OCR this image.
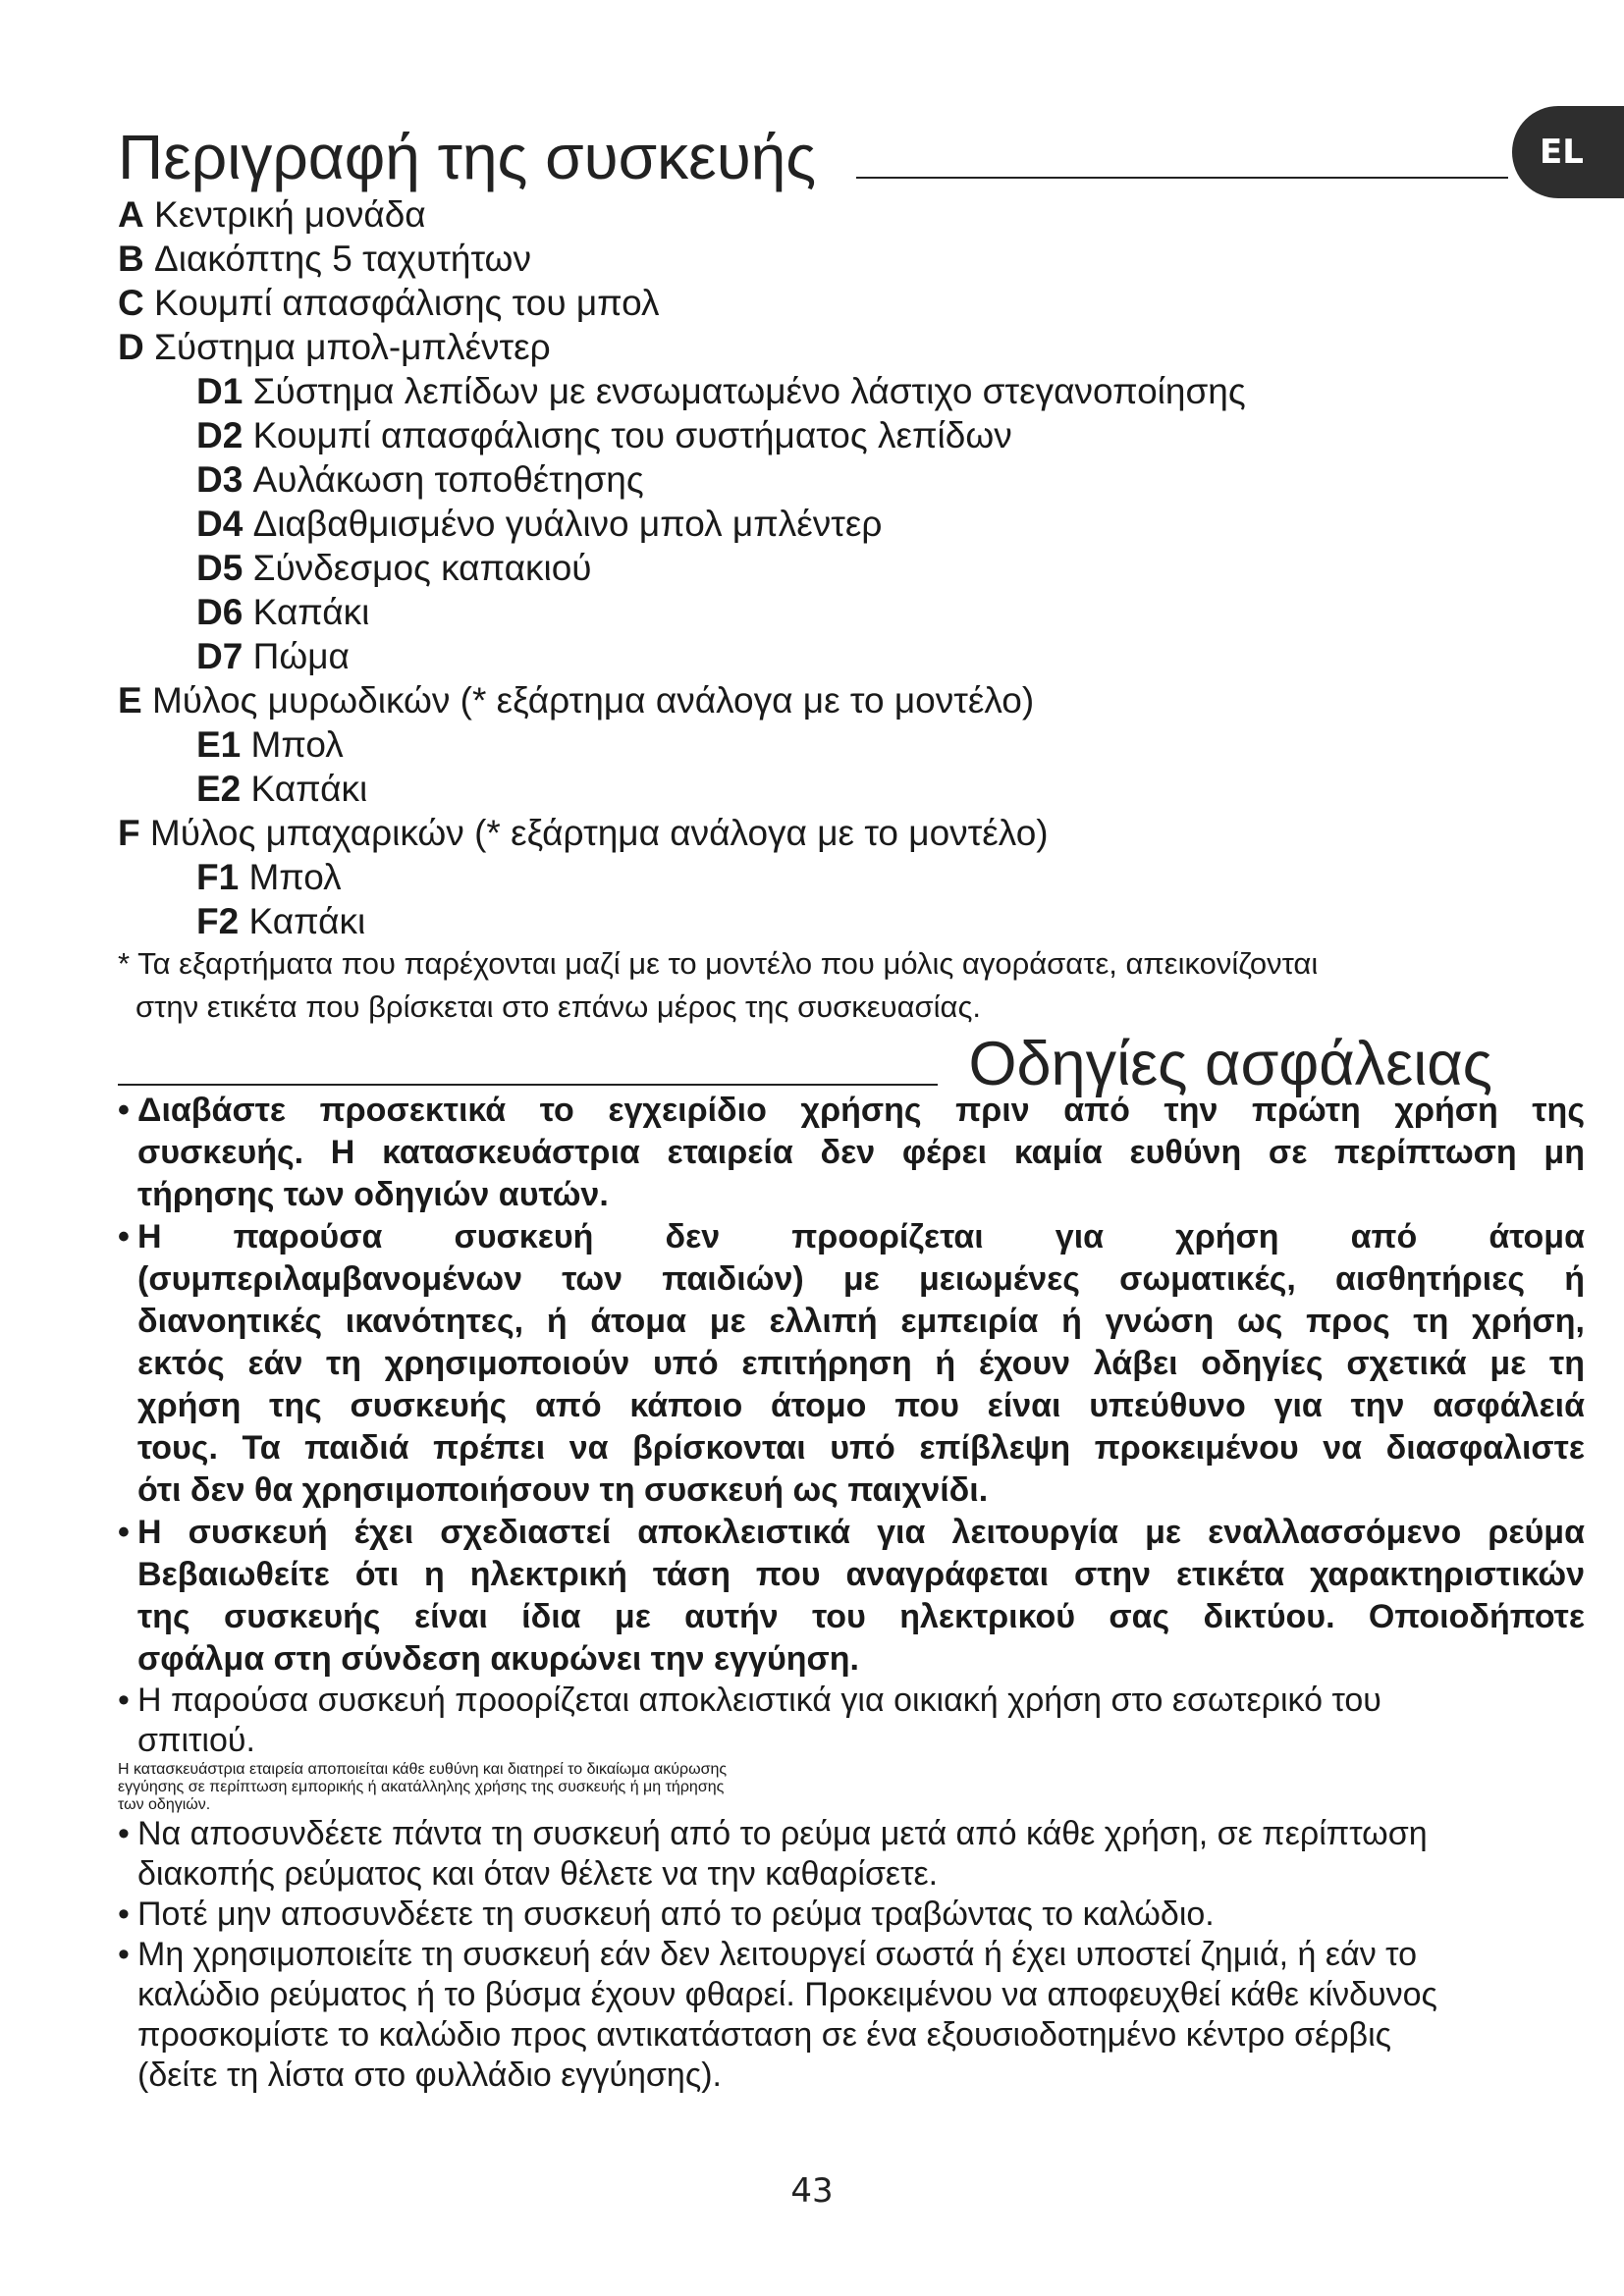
EL
Περιγραφή της συσκευής
A Κεντρική μονάδα
B Διακόπτης 5 ταχυτήτων
C Κουμπί απασφάλισης του μπολ
D Σύστημα μπολ-μπλέντερ
D1 Σύστημα λεπίδων με ενσωματωμένο λάστιχο στεγανοποίησης
D2 Κουμπί απασφάλισης του συστήματος λεπίδων
D3 Αυλάκωση τοποθέτησης
D4 Διαβαθμισμένο γυάλινο μπολ μπλέντερ
D5 Σύνδεσμος καπακιού
D6 Καπάκι
D7 Πώμα
E Μύλος μυρωδικών (* εξάρτημα ανάλογα με το μοντέλο)
E1 Μπολ
E2 Καπάκι
F Μύλος μπαχαρικών (* εξάρτημα ανάλογα με το μοντέλο)
F1 Μπολ
F2 Καπάκι

* Τα εξαρτήματα που παρέχονται μαζί με το μοντέλο που μόλις αγοράσατε, απεικονίζονται

στην ετικέτα που βρίσκεται στο επάνω μέρος της συσκευασίας.

Οδηγίες ασφάλειας
• Διαβάστε προσεκτικά το εγχειρίδιο χρήσης πριν από την πρώτη χρήση της
συσκευής. Η κατασκευάστρια εταιρεία δεν φέρει καμία ευθύνη σε περίπτωση μη
τήρησης των οδηγιών αυτών.
• Η παρούσα συσκευή δεν προορίζεται για χρήση από άτομα
(συμπεριλαμβανομένων των παιδιών) με μειωμένες σωματικές, αισθητήριες ή
διανοητικές ικανότητες, ή άτομα με ελλιπή εμπειρία ή γνώση ως προς τη χρήση,
εκτός εάν τη χρησιμοποιούν υπό επιτήρηση ή έχουν λάβει οδηγίες σχετικά με τη
χρήση της συσκευής από κάποιο άτομο που είναι υπεύθυνο για την ασφάλειά
τους. Τα παιδιά πρέπει να βρίσκονται υπό επίβλεψη προκειμένου να διασφαλιστε
ότι δεν θα χρησιμοποιήσουν τη συσκευή ως παιχνίδι.
• Η συσκευή έχει σχεδιαστεί αποκλειστικά για λειτουργία με εναλλασσόμενο ρεύμα
Βεβαιωθείτε ότι η ηλεκτρική τάση που αναγράφεται στην ετικέτα χαρακτηριστικών
της συσκευής είναι ίδια με αυτήν του ηλεκτρικού σας δικτύου. Οποιοδήποτε
σφάλμα στη σύνδεση ακυρώνει την εγγύηση.
• Η παρούσα συσκευή προορίζεται αποκλειστικά για οικιακή χρήση στο εσωτερικό του
σπιτιού.
Η κατασκευάστρια εταιρεία αποποιείται κάθε ευθύνη και διατηρεί το δικαίωμα ακύρωσης
εγγύησης σε περίπτωση εμπορικής ή ακατάλληλης χρήσης της συσκευής ή μη τήρησης
των οδηγιών.
• Να αποσυνδέετε πάντα τη συσκευή από το ρεύμα μετά από κάθε χρήση, σε περίπτωση
διακοπής ρεύματος και όταν θέλετε να την καθαρίσετε.
• Ποτέ μην αποσυνδέετε τη συσκευή από το ρεύμα τραβώντας το καλώδιο.
• Μη χρησιμοποιείτε τη συσκευή εάν δεν λειτουργεί σωστά ή έχει υποστεί ζημιά, ή εάν το
καλώδιο ρεύματος ή το βύσμα έχουν φθαρεί. Προκειμένου να αποφευχθεί κάθε κίνδυνος
προσκομίστε το καλώδιο προς αντικατάσταση σε ένα εξουσιοδοτημένο κέντρο σέρβις
(δείτε τη λίστα στο φυλλάδιο εγγύησης).
43
